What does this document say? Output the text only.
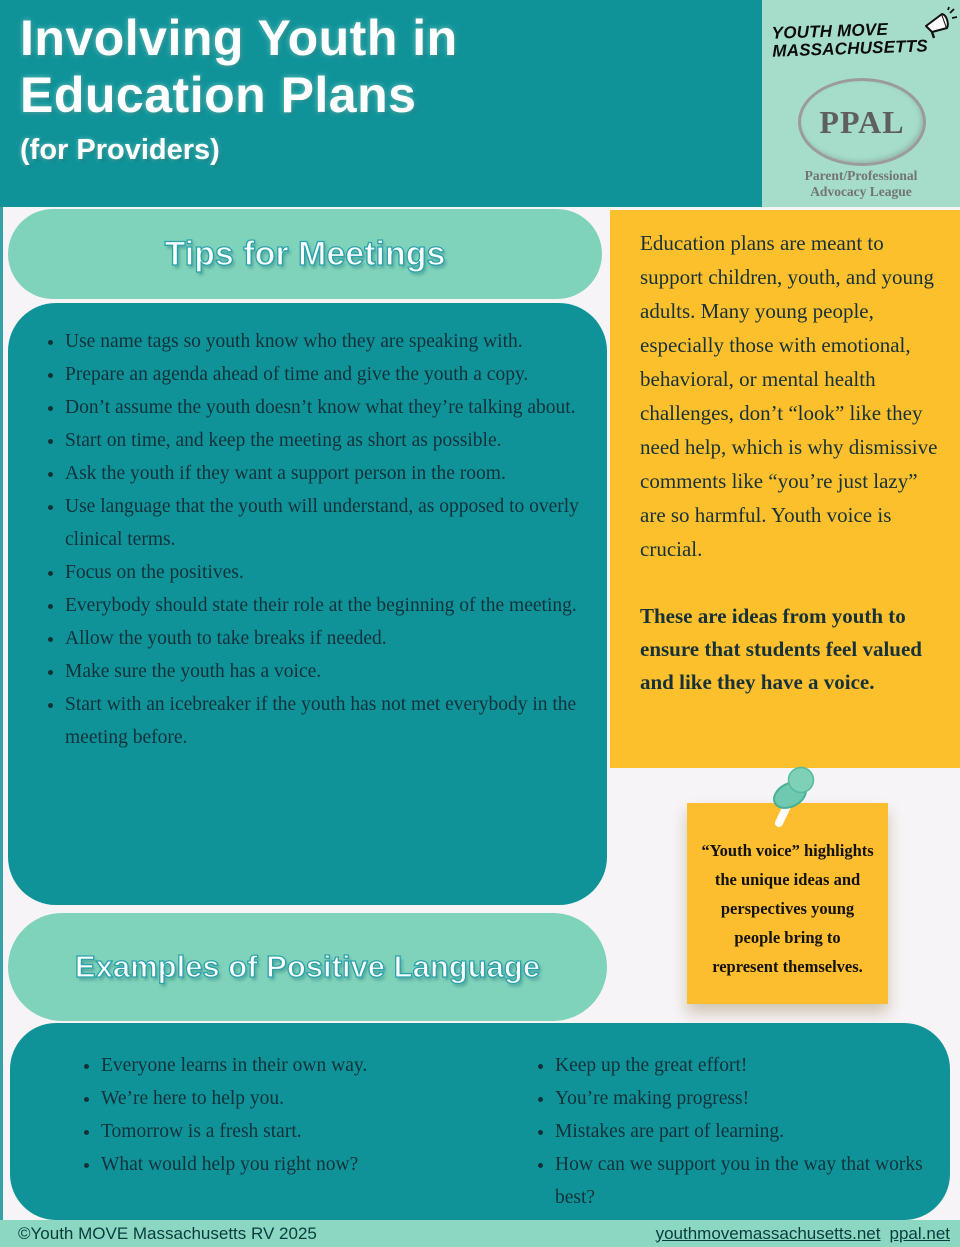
Involving Youth in
Education Plans
(for Providers)
YOUTH MOVE
MASSACHUSETTS
PPAL
Parent/Professional
Advocacy League
Tips for Meetings
• Use name tags so youth know who they are speaking with.
• Prepare an agenda ahead of time and give the youth a copy.
• Don’t assume the youth doesn’t know what they’re talking about.
• Start on time, and keep the meeting as short as possible.
• Ask the youth if they want a support person in the room.
• Use language that the youth will understand, as opposed to overly clinical terms.
• Focus on the positives.
• Everybody should state their role at the beginning of the meeting.
• Allow the youth to take breaks if needed.
• Make sure the youth has a voice.
• Start with an icebreaker if the youth has not met everybody in the meeting before.

Education plans are meant to support children, youth, and young adults. Many young people, especially those with emotional, behavioral, or mental health challenges, don’t “look” like they need help, which is why dismissive comments like “you’re just lazy” are so harmful. Youth voice is crucial.

These are ideas from youth to ensure that students feel valued and like they have a voice.

“Youth voice” highlights the unique ideas and perspectives young people bring to represent themselves.
Examples of Positive Language
• Everyone learns in their own way.
• We’re here to help you.
• Tomorrow is a fresh start.
• What would help you right now?
• Keep up the great effort!
• You’re making progress!
• Mistakes are part of learning.
• How can we support you in the way that works best?
©Youth MOVE Massachusetts RV 2025	youthmovemassachusetts.net ppal.net
